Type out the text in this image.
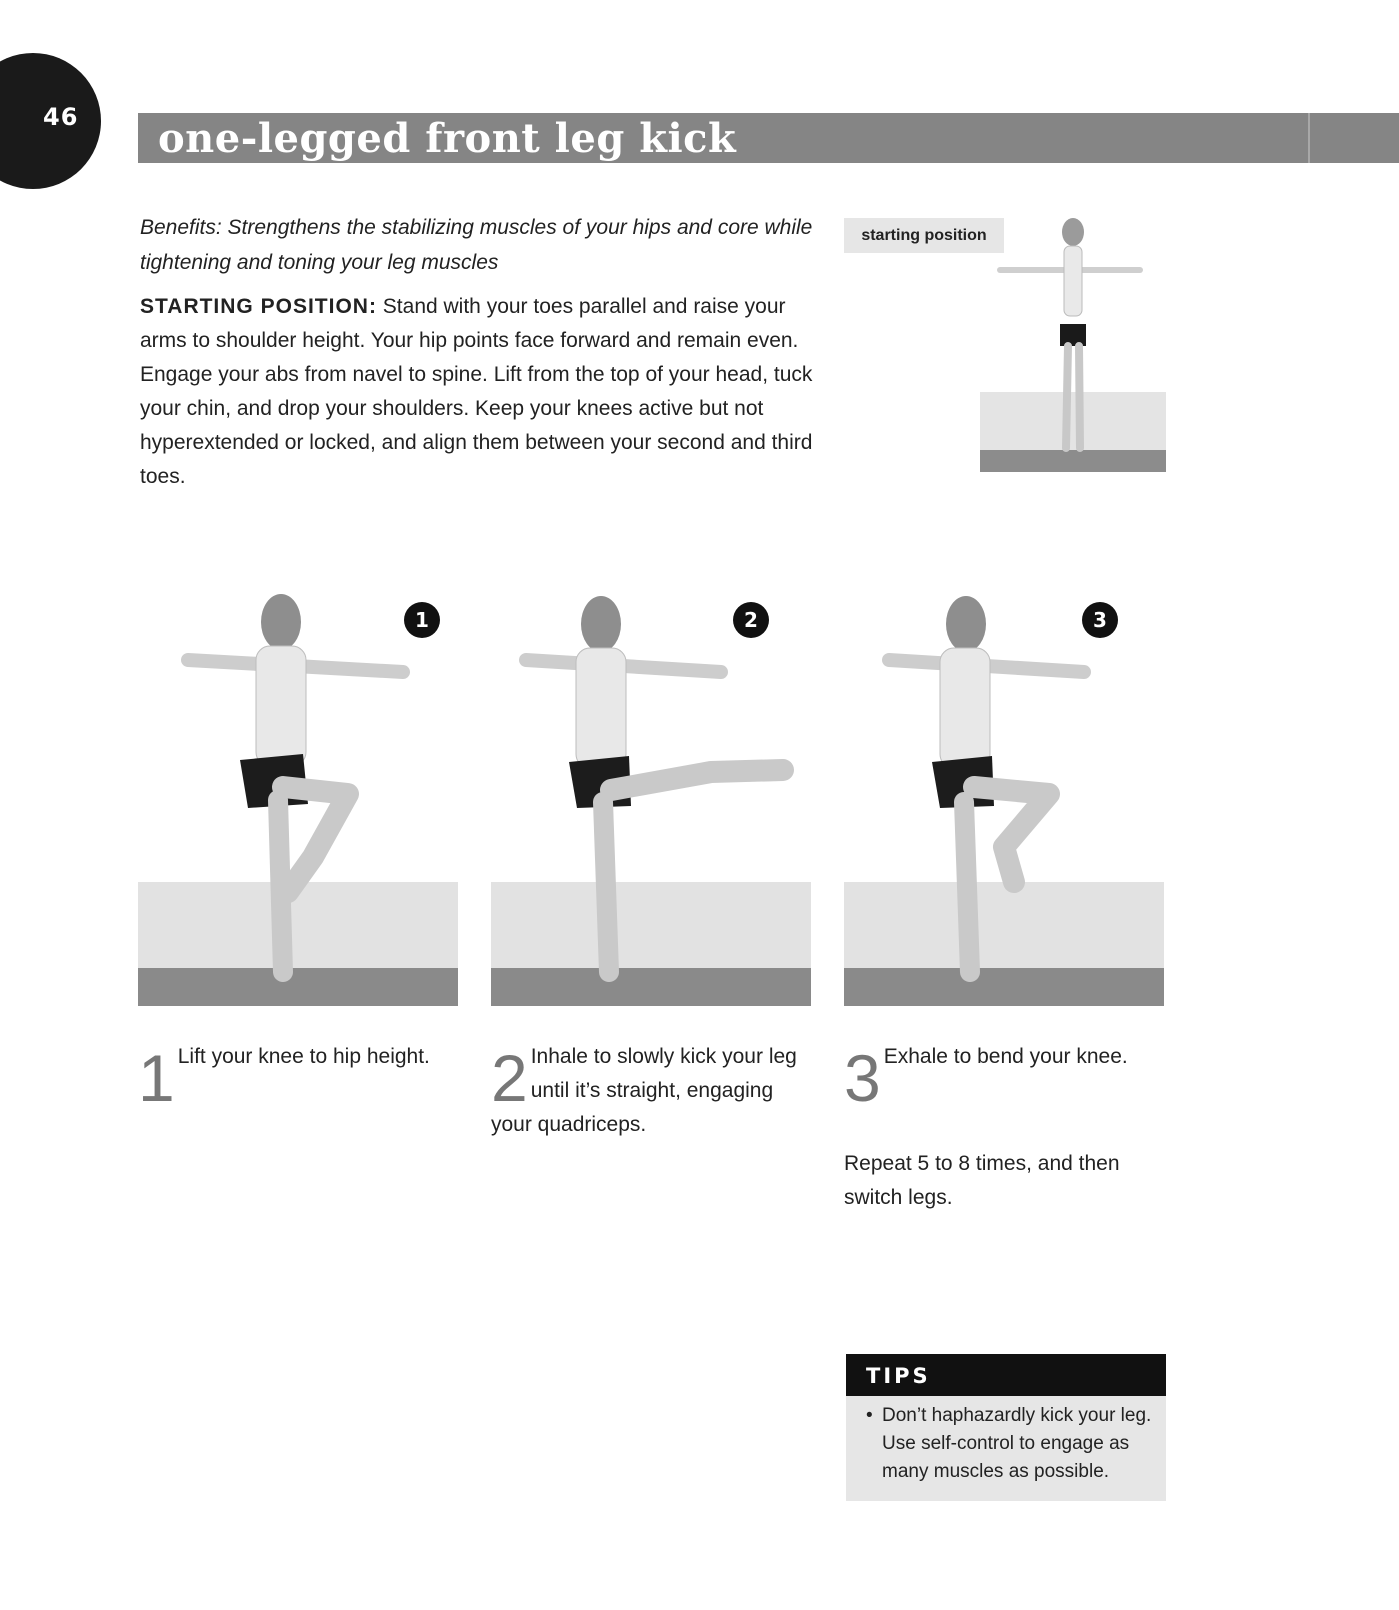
46 one-legged front leg kick
Benefits: Strengthens the stabilizing muscles of your hips and core while tightening and toning your leg muscles
STARTING POSITION: Stand with your toes parallel and raise your arms to shoulder height. Your hip points face forward and remain even. Engage your abs from navel to spine. Lift from the top of your head, tuck your chin, and drop your shoulders. Keep your knees active but not hyperextended or locked, and align them between your second and third toes.
starting position
1	2	3
1 Lift your knee to hip height. 2 Inhale to slowly kick your leg until it’s straight, engaging your quadriceps.
3 Exhale to bend your knee.
Repeat 5 to 8 times, and then switch legs.
TIPS
• Don’t haphazardly kick your leg. Use self-control to engage as many muscles as possible.
